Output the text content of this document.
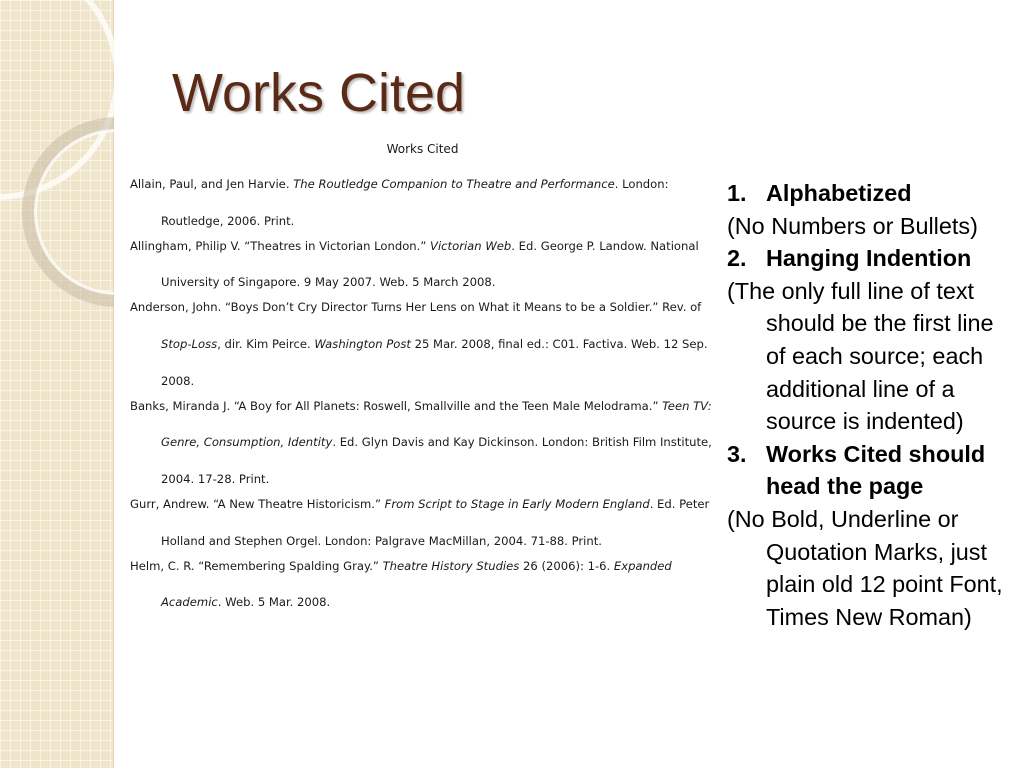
Works Cited
Works Cited
Allain, Paul, and Jen Harvie. The Routledge Companion to Theatre and Performance. London: Routledge, 2006. Print.
Allingham, Philip V. “Theatres in Victorian London.” Victorian Web. Ed. George P. Landow. National University of Singapore. 9 May 2007. Web. 5 March 2008.
Anderson, John. “Boys Don’t Cry Director Turns Her Lens on What it Means to be a Soldier.” Rev. of Stop-Loss, dir. Kim Peirce. Washington Post 25 Mar. 2008, final ed.: C01. Factiva. Web. 12 Sep. 2008.
Banks, Miranda J. “A Boy for All Planets: Roswell, Smallville and the Teen Male Melodrama.” Teen TV: Genre, Consumption, Identity. Ed. Glyn Davis and Kay Dickinson. London: British Film Institute, 2004. 17-28. Print.
Gurr, Andrew. “A New Theatre Historicism.” From Script to Stage in Early Modern England. Ed. Peter Holland and Stephen Orgel. London: Palgrave MacMillan, 2004. 71-88. Print.
Helm, C. R. “Remembering Spalding Gray.” Theatre History Studies 26 (2006): 1-6. Expanded Academic. Web. 5 Mar. 2008.
1. Alphabetized
(No Numbers or Bullets)
2. Hanging Indention
(The only full line of text should be the first line of each source; each additional line of a source is indented)
3. Works Cited should head the page
(No Bold, Underline or Quotation Marks, just plain old 12 point Font, Times New Roman)
